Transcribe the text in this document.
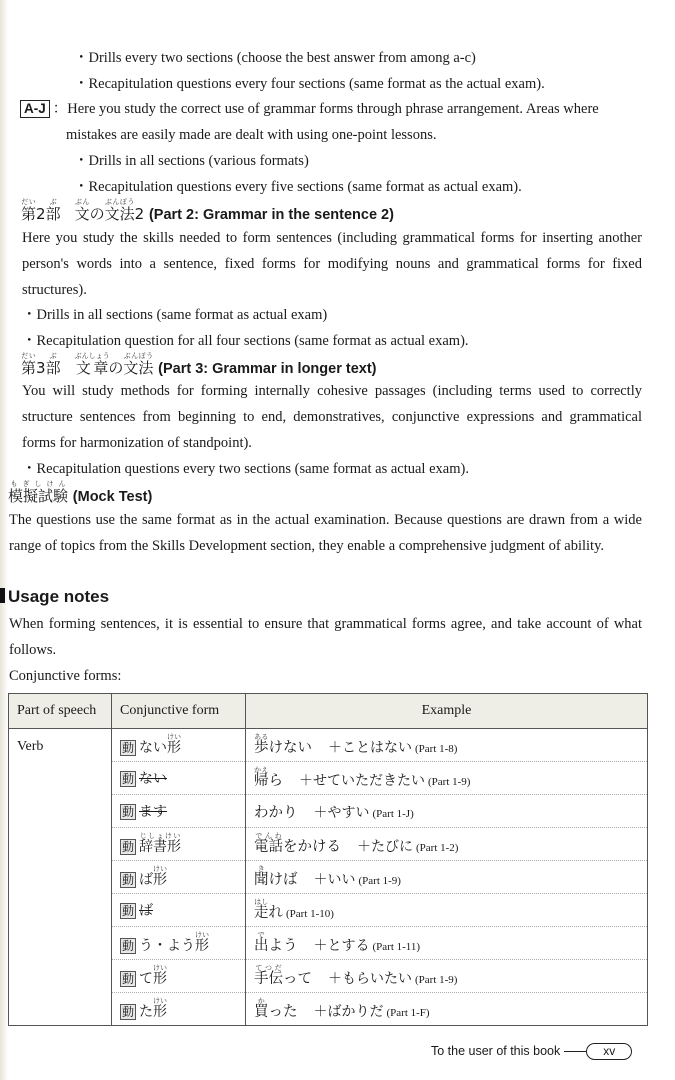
・ Drills every two sections (choose the best answer from among a-c)
・ Recapitulation questions every four sections (same format as the actual exam).
A-J ：Here you study the correct use of grammar forms through phrase arrangement. Areas where
mistakes are easily made are dealt with using one-point lessons.
・ Drills in all sections (various formats)
・ Recapitulation questions every five sections (same format as actual exam).
第だい2部ぶ文ぶんの文法ぶんぽう2 (Part 2: Grammar in the sentence 2)
Here you study the skills needed to form sentences (including grammatical forms for inserting another
person's words into a sentence, fixed forms for modifying nouns and grammatical forms for fixed
structures).
・ Drills in all sections (same format as actual exam)
・ Recapitulation question for all four sections (same format as actual exam).
第だい3部ぶ文章ぶんしょうの文法ぶんぽう (Part 3: Grammar in longer text)
You will study methods for forming internally cohesive passages (including terms used to correctly
structure sentences from beginning to end, demonstratives, conjunctive expressions and grammatical
forms for harmonization of standpoint).
・ Recapitulation questions every two sections (same format as actual exam).
模擬試験もぎしけん (Mock Test)
The questions use the same format as in the actual examination. Because questions are drawn from a wide
range of topics from the Skills Development section, they enable a comprehensive judgment of ability.
Usage notes
When forming sentences, it is essential to ensure that grammatical forms agree, and take account of what
follows.
Conjunctive forms:
Part of speech	Conjunctive form	Example
Verb	動 ない形けい	歩あるけない ＋ことはない (Part 1-8)
	動 ない	帰かえら ＋せていただきたい (Part 1-9)
	動 ます	わかり ＋やすい (Part 1-J)
	動 辞書形じしょけい	電話でんわをかける ＋たびに (Part 1-2)
	動 ば形けい	聞きけば ＋いい (Part 1-9)
	動 ば	走はしれ (Part 1-10)
	動 う・よう形けい	出でよう ＋とする (Part 1-11)
	動 て形けい	手伝てつだって ＋もらいたい (Part 1-9)
	動 た形けい	買かった ＋ばかりだ (Part 1-F)
To the user of this book	xv
